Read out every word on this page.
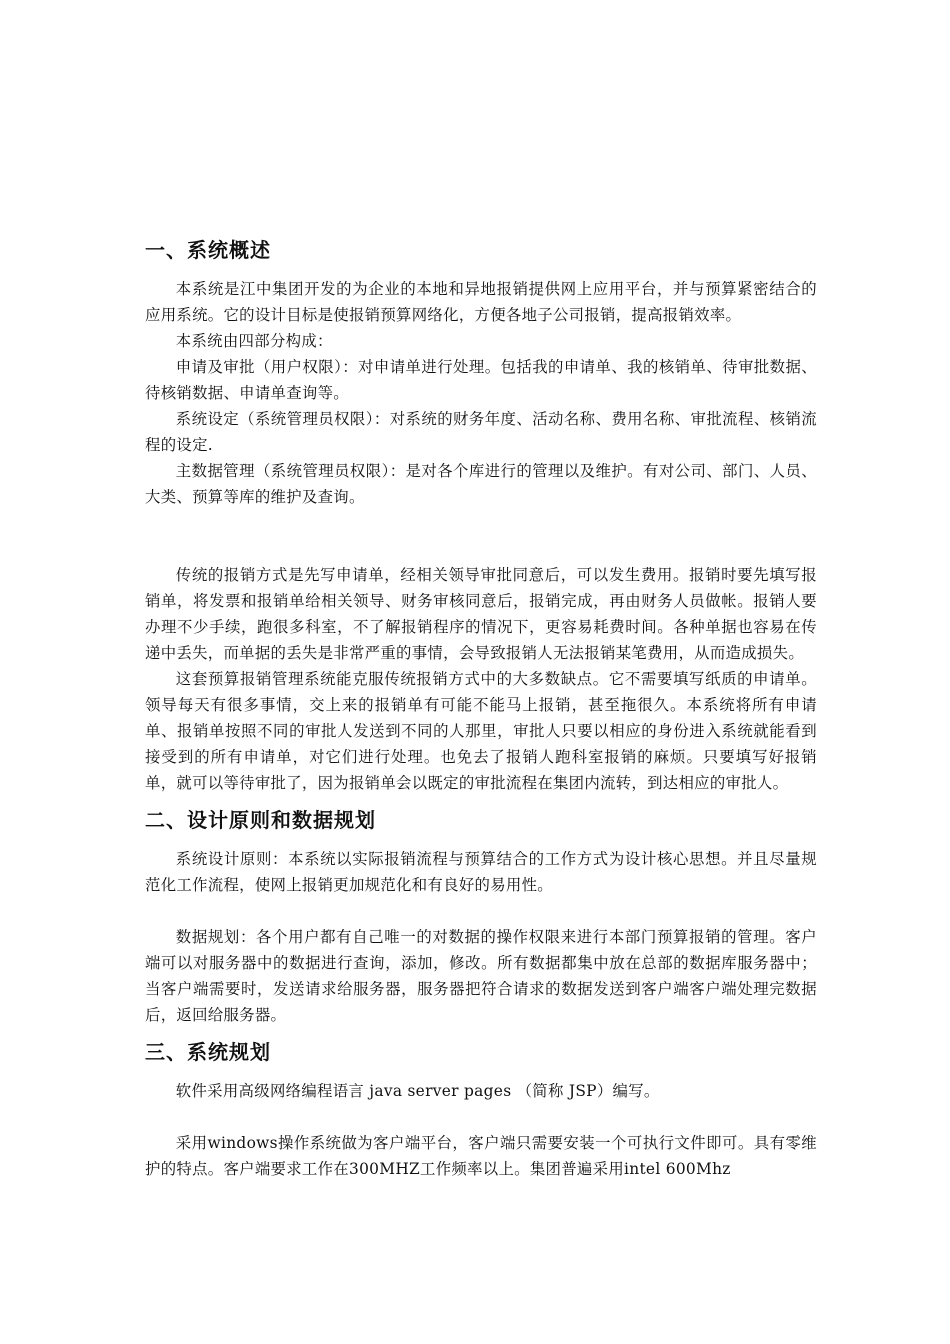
一、系统概述

本系统是江中集团开发的为企业的本地和异地报销提供网上应用平台，并与预算紧密结合的应用系统。它的设计目标是使报销预算网络化，方便各地子公司报销，提高报销效率。

本系统由四部分构成：

申请及审批（用户权限）：对申请单进行处理。包括我的申请单、我的核销单、待审批数据、待核销数据、申请单查询等。

系统设定（系统管理员权限）：对系统的财务年度、活动名称、费用名称、审批流程、核销流程的设定.

主数据管理（系统管理员权限）：是对各个库进行的管理以及维护。有对公司、部门、人员、大类、预算等库的维护及查询。

传统的报销方式是先写申请单，经相关领导审批同意后，可以发生费用。报销时要先填写报销单，将发票和报销单给相关领导、财务审核同意后，报销完成，再由财务人员做帐。报销人要办理不少手续，跑很多科室，不了解报销程序的情况下，更容易耗费时间。各种单据也容易在传递中丢失，而单据的丢失是非常严重的事情，会导致报销人无法报销某笔费用，从而造成损失。

这套预算报销管理系统能克服传统报销方式中的大多数缺点。它不需要填写纸质的申请单。领导每天有很多事情，交上来的报销单有可能不能马上报销，甚至拖很久。本系统将所有申请单、报销单按照不同的审批人发送到不同的人那里，审批人只要以相应的身份进入系统就能看到接受到的所有申请单，对它们进行处理。也免去了报销人跑科室报销的麻烦。只要填写好报销单，就可以等待审批了，因为报销单会以既定的审批流程在集团内流转，到达相应的审批人。

二、设计原则和数据规划

系统设计原则：本系统以实际报销流程与预算结合的工作方式为设计核心思想。并且尽量规范化工作流程，使网上报销更加规范化和有良好的易用性。

数据规划：各个用户都有自己唯一的对数据的操作权限来进行本部门预算报销的管理。客户端可以对服务器中的数据进行查询，添加，修改。所有数据都集中放在总部的数据库服务器中；当客户端需要时，发送请求给服务器，服务器把符合请求的数据发送到客户端客户端处理完数据后，返回给服务器。

三、系统规划

软件采用高级网络编程语言 java server pages （简称 JSP）编写。

采用windows操作系统做为客户端平台，客户端只需要安装一个可执行文件即可。具有零维护的特点。客户端要求工作在300MHZ工作频率以上。集团普遍采用intel 600Mhz
